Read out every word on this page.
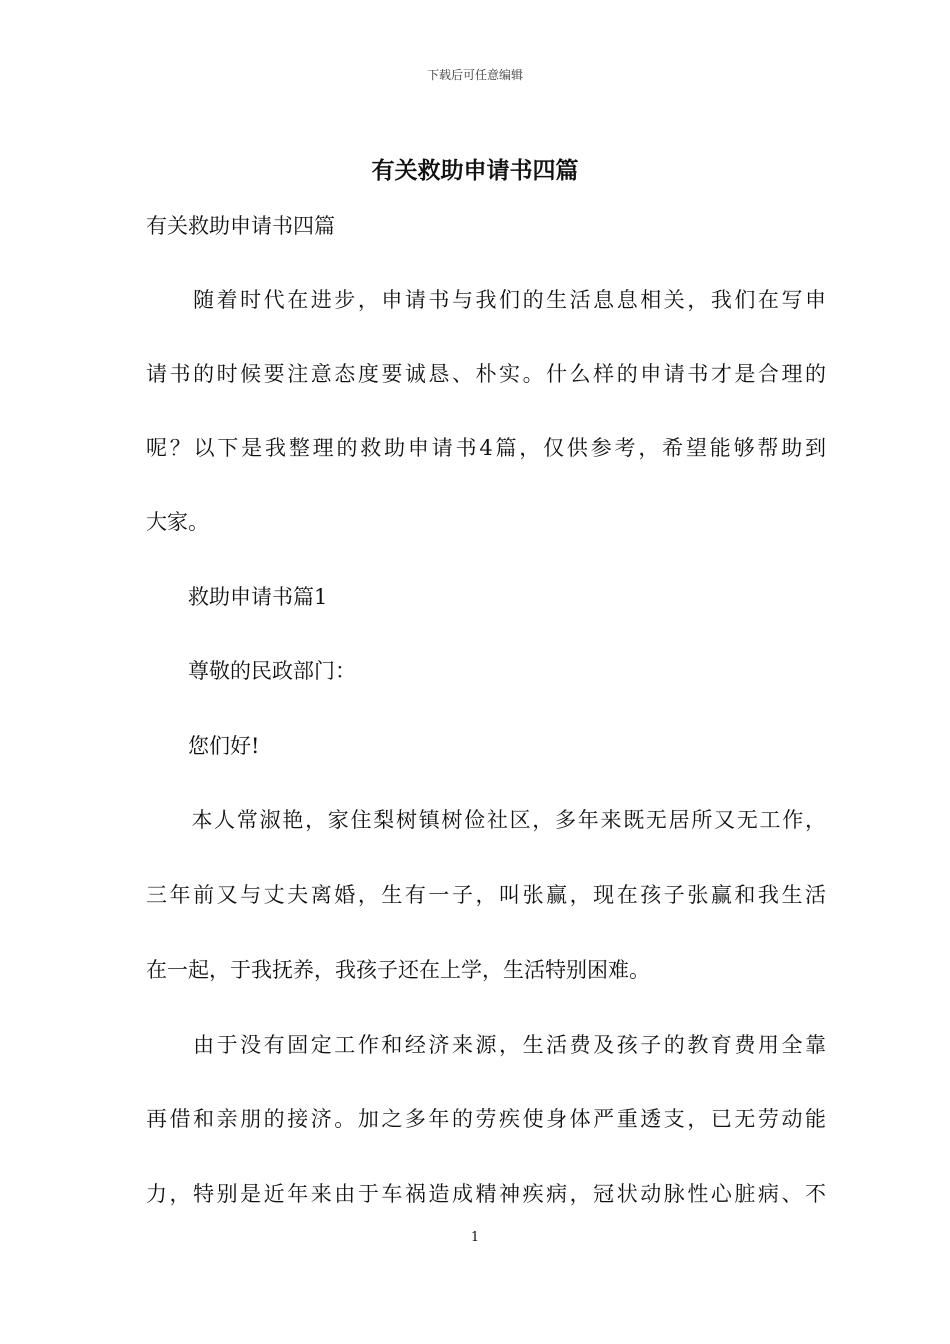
下载后可任意编辑
有关救助申请书四篇
有关救助申请书四篇
　　随着时代在进步，申请书与我们的生活息息相关，我们在写申
请书的时候要注意态度要诚恳、朴实。什么样的申请书才是合理的
呢？以下是我整理的救助申请书4篇，仅供参考，希望能够帮助到
大家。
　　救助申请书篇1
　　尊敬的民政部门：
　　您们好!
　　本人常淑艳，家住梨树镇树俭社区，多年来既无居所又无工作，
三年前又与丈夫离婚，生有一子，叫张赢，现在孩子张赢和我生活
在一起，于我抚养，我孩子还在上学，生活特别困难。
　　由于没有固定工作和经济来源，生活费及孩子的教育费用全靠
再借和亲朋的接济。加之多年的劳疾使身体严重透支，已无劳动能
力，特别是近年来由于车祸造成精神疾病，冠状动脉性心脏病、不
1
